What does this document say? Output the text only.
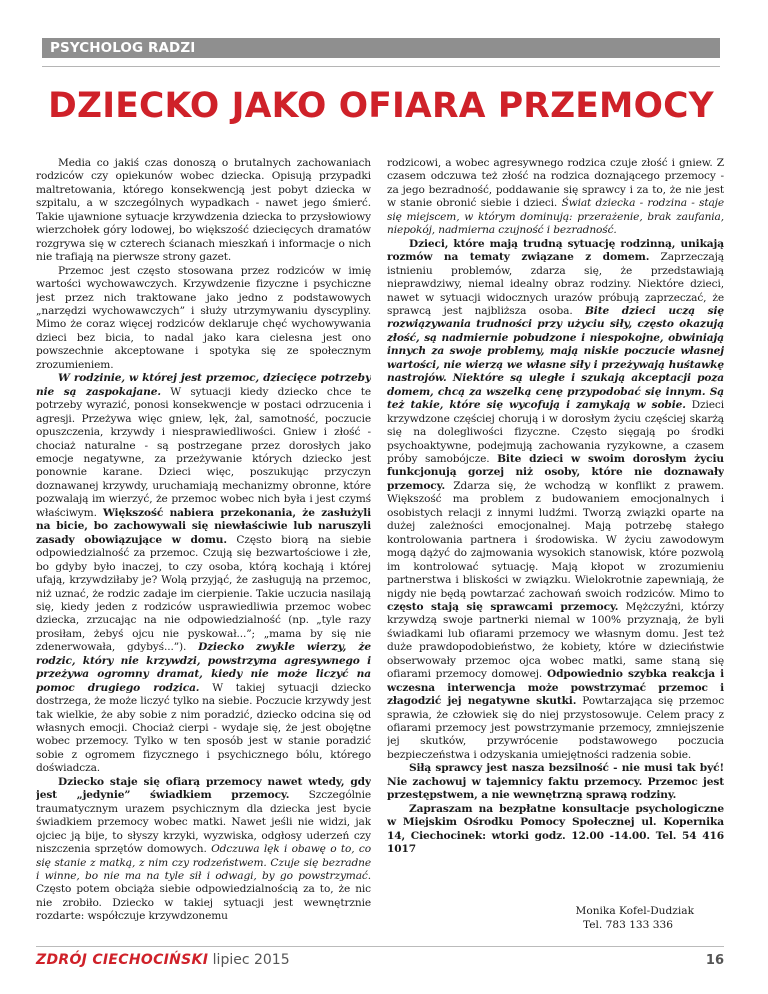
PSYCHOLOG RADZI
DZIECKO JAKO OFIARA PRZEMOCY

Media co jakiś czas donoszą o brutalnych zachowaniach rodziców czy opiekunów wobec dziecka. Opisują przypadki maltretowania, którego konsekwencją jest pobyt dziecka w szpitalu, a w szczególnych wypadkach - nawet jego śmierć. Takie ujawnione sytuacje krzywdzenia dziecka to przysłowiowy wierzchołek góry lodowej, bo większość dziecięcych dramatów rozgrywa się w czterech ścianach mieszkań i informacje o nich nie trafiają na pierwsze strony gazet.

Przemoc jest często stosowana przez rodziców w imię wartości wychowawczych. Krzywdzenie fizyczne i psychiczne jest przez nich traktowane jako jedno z podstawowych „narzędzi wychowawczych” i służy utrzymywaniu dyscypliny. Mimo że coraz więcej rodziców deklaruje chęć wychowywania dzieci bez bicia, to nadal jako kara cielesna jest ono powszechnie akceptowane i spotyka się ze społecznym zrozumieniem.

W rodzinie, w której jest przemoc, dziecięce potrzeby nie są zaspokajane. W sytuacji kiedy dziecko chce te potrzeby wyrazić, ponosi konsekwencje w postaci odrzucenia i agresji. Przeżywa więc gniew, lęk, żal, samotność, poczucie opuszczenia, krzywdy i niesprawiedliwości. Gniew i złość - chociaż naturalne - są postrzegane przez dorosłych jako emocje negatywne, za przeżywanie których dziecko jest ponownie karane. Dzieci więc, poszukując przyczyn doznawanej krzywdy, uruchamiają mechanizmy obronne, które pozwalają im wierzyć, że przemoc wobec nich była i jest czymś właściwym. Większość nabiera przekonania, że zasłużyli na bicie, bo zachowywali się niewłaściwie lub naruszyli zasady obowiązujące w domu. Często biorą na siebie odpowiedzialność za przemoc. Czują się bezwartościowe i złe, bo gdyby było inaczej, to czy osoba, którą kochają i której ufają, krzywdziłaby je? Wolą przyjąć, że zasługują na przemoc, niż uznać, że rodzic zadaje im cierpienie. Takie uczucia nasilają się, kiedy jeden z rodziców usprawiedliwia przemoc wobec dziecka, zrzucając na nie odpowiedzialność (np. „tyle razy prosiłam, żebyś ojcu nie pyskował...”; „mama by się nie zdenerwowała, gdybyś...”). Dziecko zwykle wierzy, że rodzic, który nie krzywdzi, powstrzyma agresywnego i przeżywa ogromny dramat, kiedy nie może liczyć na pomoc drugiego rodzica. W takiej sytuacji dziecko dostrzega, że może liczyć tylko na siebie. Poczucie krzywdy jest tak wielkie, że aby sobie z nim poradzić, dziecko odcina się od własnych emocji. Chociaż cierpi - wydaje się, że jest obojętne wobec przemocy. Tylko w ten sposób jest w stanie poradzić sobie z ogromem fizycznego i psychicznego bólu, którego doświadcza.

Dziecko staje się ofiarą przemocy nawet wtedy, gdy jest „jedynie” świadkiem przemocy. Szczególnie traumatycznym urazem psychicznym dla dziecka jest bycie świadkiem przemocy wobec matki. Nawet jeśli nie widzi, jak ojciec ją bije, to słyszy krzyki, wyzwiska, odgłosy uderzeń czy niszczenia sprzętów domowych. Odczuwa lęk i obawę o to, co się stanie z matką, z nim czy rodzeństwem. Czuje się bezradne i winne, bo nie ma na tyle sił i odwagi, by go powstrzymać. Często potem obciąża siebie odpowiedzialnością za to, że nic nie zrobiło. Dziecko w takiej sytuacji jest wewnętrznie rozdarte: współczuje krzywdzonemu

rodzicowi, a wobec agresywnego rodzica czuje złość i gniew. Z czasem odczuwa też złość na rodzica doznającego przemocy - za jego bezradność, poddawanie się sprawcy i za to, że nie jest w stanie obronić siebie i dzieci. Świat dziecka - rodzina - staje się miejscem, w którym dominują: przerażenie, brak zaufania, niepokój, nadmierna czujność i bezradność.

Dzieci, które mają trudną sytuację rodzinną, unikają rozmów na tematy związane z domem. Zaprzeczają istnieniu problemów, zdarza się, że przedstawiają nieprawdziwy, niemal idealny obraz rodziny. Niektóre dzieci, nawet w sytuacji widocznych urazów próbują zaprzeczać, że sprawcą jest najbliższa osoba. Bite dzieci uczą się rozwiązywania trudności przy użyciu siły, często okazują złość, są nadmiernie pobudzone i niespokojne, obwiniają innych za swoje problemy, mają niskie poczucie własnej wartości, nie wierzą we własne siły i przeżywają huśtawkę nastrojów. Niektóre są uległe i szukają akceptacji poza domem, chcą za wszelką cenę przypodobać się innym. Są też takie, które się wycofują i zamykają w sobie. Dzieci krzywdzone częściej chorują i w dorosłym życiu częściej skarżą się na dolegliwości fizyczne. Często sięgają po środki psychoaktywne, podejmują zachowania ryzykowne, a czasem próby samobójcze. Bite dzieci w swoim dorosłym życiu funkcjonują gorzej niż osoby, które nie doznawały przemocy. Zdarza się, że wchodzą w konflikt z prawem. Większość ma problem z budowaniem emocjonalnych i osobistych relacji z innymi ludźmi. Tworzą związki oparte na dużej zależności emocjonalnej. Mają potrzebę stałego kontrolowania partnera i środowiska. W życiu zawodowym mogą dążyć do zajmowania wysokich stanowisk, które pozwolą im kontrolować sytuację. Mają kłopot w zrozumieniu partnerstwa i bliskości w związku. Wielokrotnie zapewniają, że nigdy nie będą powtarzać zachowań swoich rodziców. Mimo to często stają się sprawcami przemocy. Mężczyźni, którzy krzywdzą swoje partnerki niemal w 100% przyznają, że byli świadkami lub ofiarami przemocy we własnym domu. Jest też duże prawdopodobieństwo, że kobiety, które w dzieciństwie obserwowały przemoc ojca wobec matki, same staną się ofiarami przemocy domowej. Odpowiednio szybka reakcja i wczesna interwencja może powstrzymać przemoc i złagodzić jej negatywne skutki. Powtarzająca się przemoc sprawia, że człowiek się do niej przystosowuje. Celem pracy z ofiarami przemocy jest powstrzymanie przemocy, zmniejszenie jej skutków, przywrócenie podstawowego poczucia bezpieczeństwa i odzyskania umiejętności radzenia sobie.

Siłą sprawcy jest nasza bezsilność - nie musi tak być! Nie zachowuj w tajemnicy faktu przemocy. Przemoc jest przestępstwem, a nie wewnętrzną sprawą rodziny.

Zapraszam na bezpłatne konsultacje psychologiczne w Miejskim Ośrodku Pomocy Społecznej ul. Kopernika 14, Ciechocinek: wtorki godz. 12.00 -14.00. Tel. 54 416 1017

Monika Kofel-Dudziak
Tel. 783 133 336
ZDRÓJ CIECHOCIŃSKI lipiec 2015	16
